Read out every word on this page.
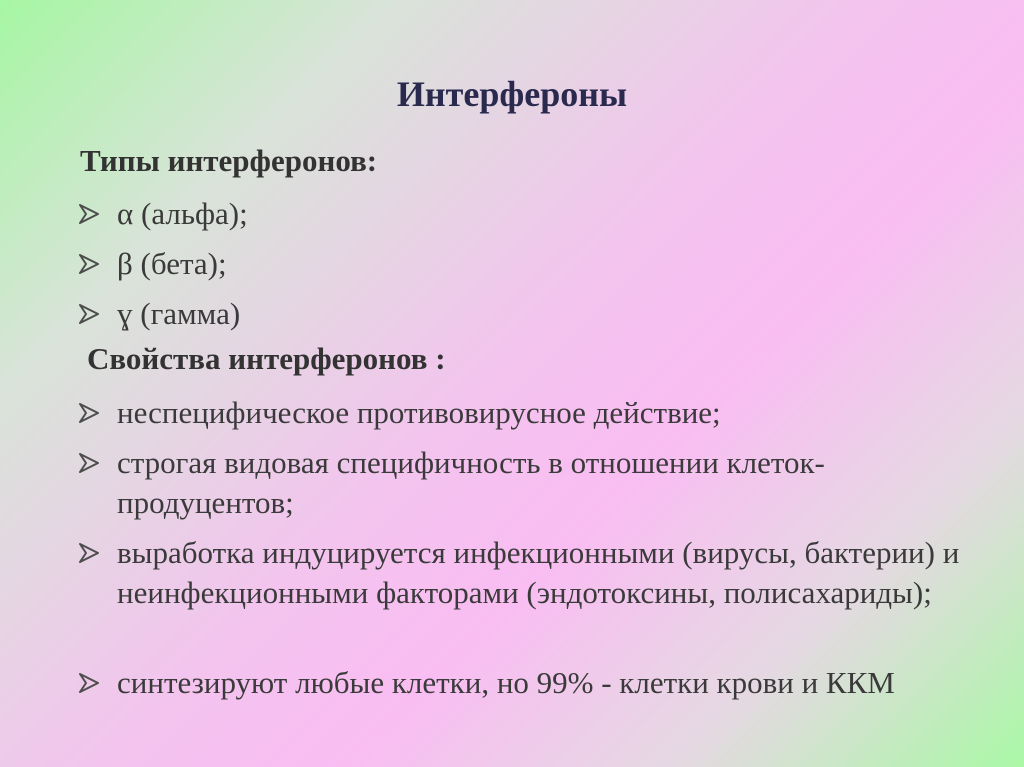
Интерфероны
Типы интерферонов:
α (альфа);
β (бета);
ɣ (гамма)
Свойства интерферонов :
неспецифическое противовирусное действие;
строгая видовая специфичность в отношении клеток-продуцентов;
выработка индуцируется инфекционными (вирусы, бактерии) и неинфекционными факторами (эндотоксины, полисахариды);
синтезируют любые клетки, но 99% - клетки крови и ККМ
